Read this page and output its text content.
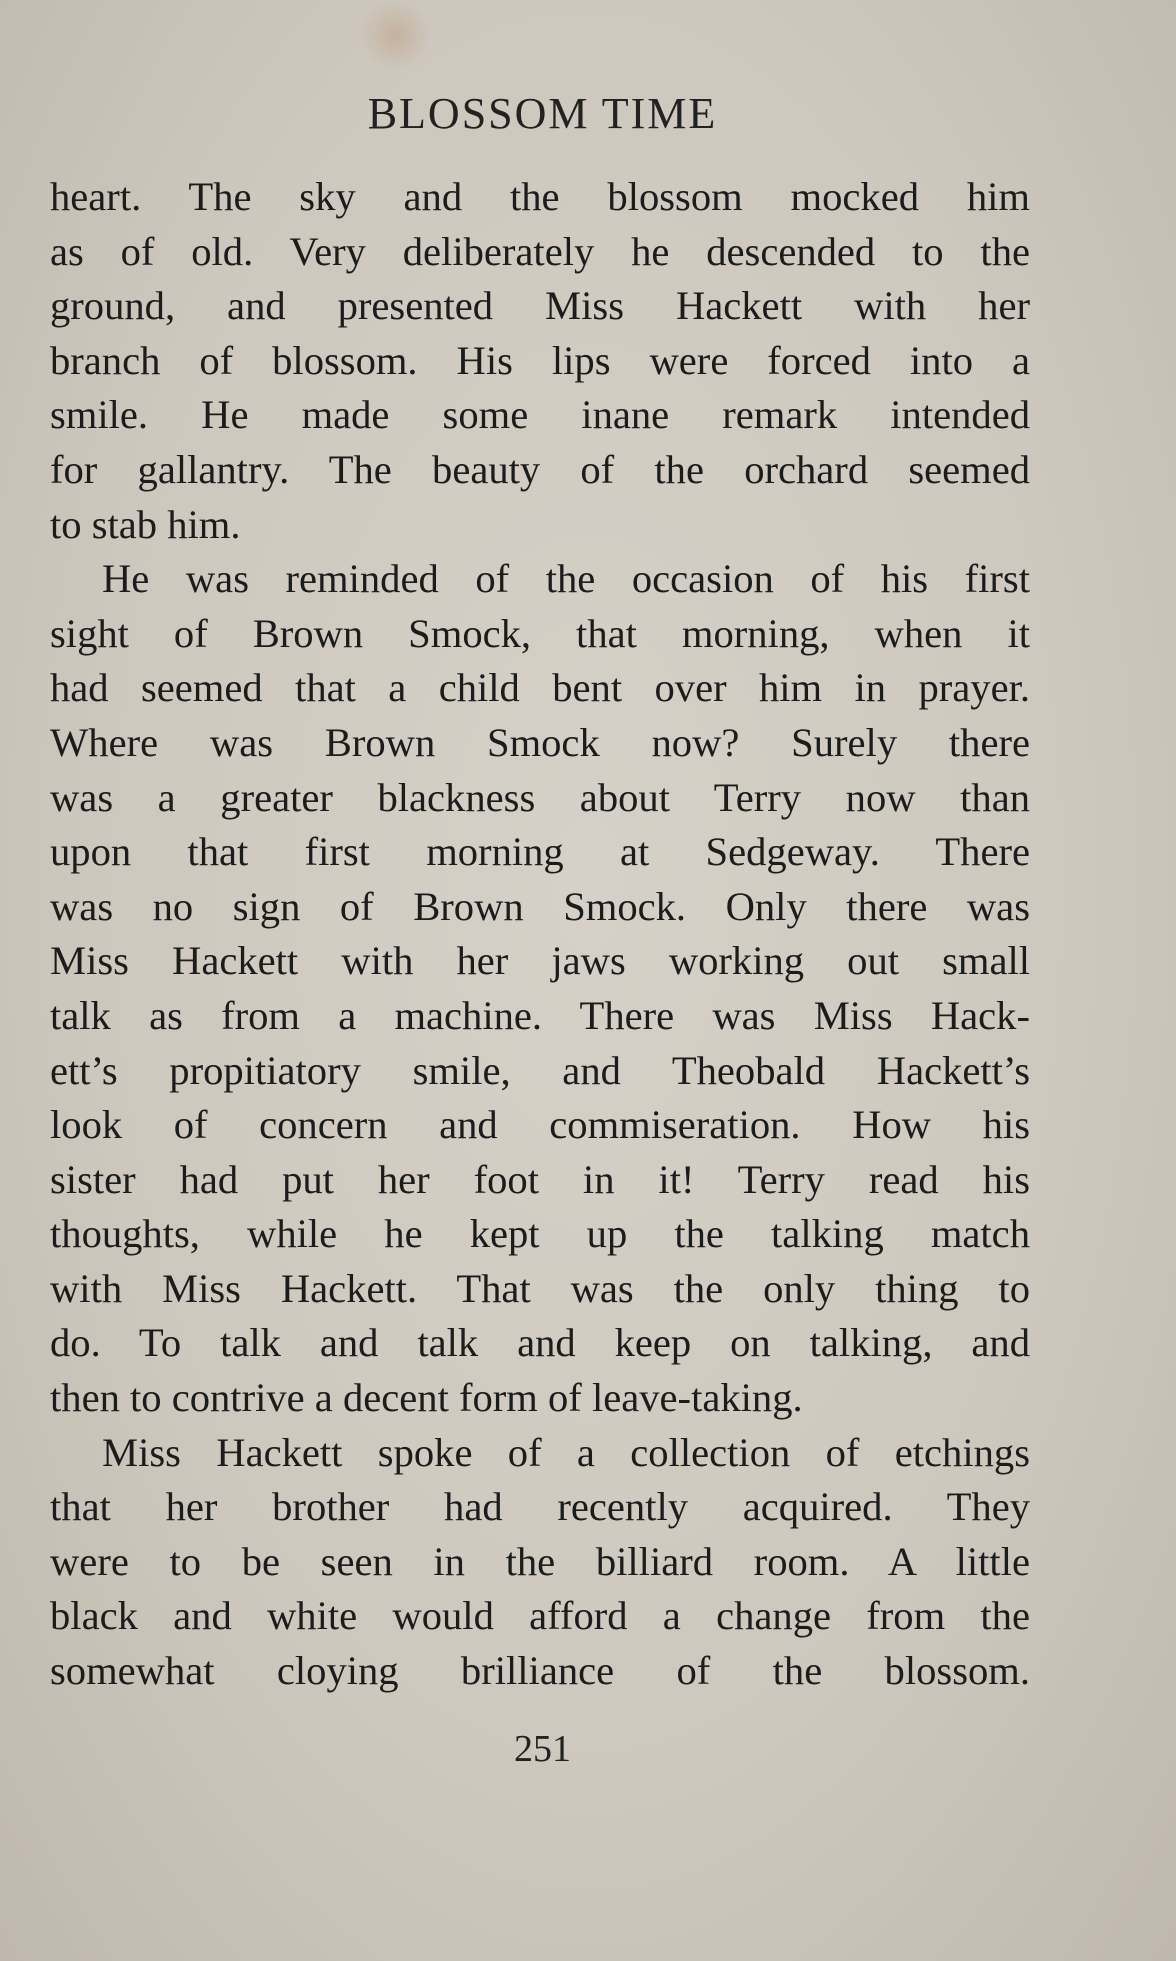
BLOSSOM TIME
heart. The sky and the blossom mocked him
as of old. Very deliberately he descended to the
ground, and presented Miss Hackett with her
branch of blossom. His lips were forced into a
smile. He made some inane remark intended
for gallantry. The beauty of the orchard seemed
to stab him.
He was reminded of the occasion of his first
sight of Brown Smock, that morning, when it
had seemed that a child bent over him in prayer.
Where was Brown Smock now? Surely there
was a greater blackness about Terry now than
upon that first morning at Sedgeway. There
was no sign of Brown Smock. Only there was
Miss Hackett with her jaws working out small
talk as from a machine. There was Miss Hack-
ett’s propitiatory smile, and Theobald Hackett’s
look of concern and commiseration. How his
sister had put her foot in it! Terry read his
thoughts, while he kept up the talking match
with Miss Hackett. That was the only thing to
do. To talk and talk and keep on talking, and
then to contrive a decent form of leave-taking.
Miss Hackett spoke of a collection of etchings
that her brother had recently acquired. They
were to be seen in the billiard room. A little
black and white would afford a change from the
somewhat cloying brilliance of the blossom.
251
